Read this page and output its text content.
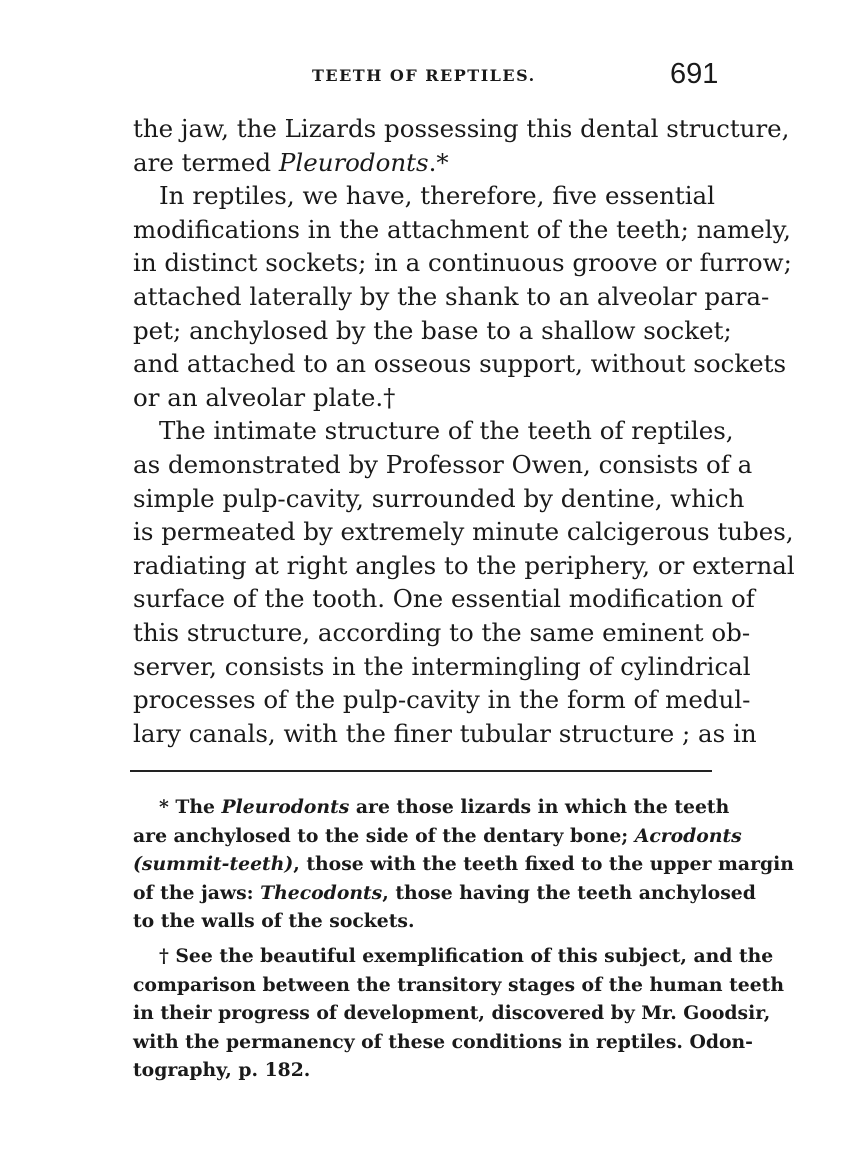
TEETH OF REPTILES.	691
the jaw, the Lizards possessing this dental structure,
are termed Pleurodonts.*
In reptiles, we have, therefore, five essential
modifications in the attachment of the teeth; namely,
in distinct sockets; in a continuous groove or furrow;
attached laterally by the shank to an alveolar para-
pet; anchylosed by the base to a shallow socket;
and attached to an osseous support, without sockets
or an alveolar plate.†
The intimate structure of the teeth of reptiles,
as demonstrated by Professor Owen, consists of a
simple pulp-cavity, surrounded by dentine, which
is permeated by extremely minute calcigerous tubes,
radiating at right angles to the periphery, or external
surface of the tooth. One essential modification of
this structure, according to the same eminent ob-
server, consists in the intermingling of cylindrical
processes of the pulp-cavity in the form of medul-
lary canals, with the finer tubular structure ; as in
* The Pleurodonts are those lizards in which the teeth
are anchylosed to the side of the dentary bone; Acrodonts
(summit-teeth), those with the teeth fixed to the upper margin
of the jaws: Thecodonts, those having the teeth anchylosed
to the walls of the sockets.
† See the beautiful exemplification of this subject, and the
comparison between the transitory stages of the human teeth
in their progress of development, discovered by Mr. Goodsir,
with the permanency of these conditions in reptiles. Odon-
tography, p. 182.
